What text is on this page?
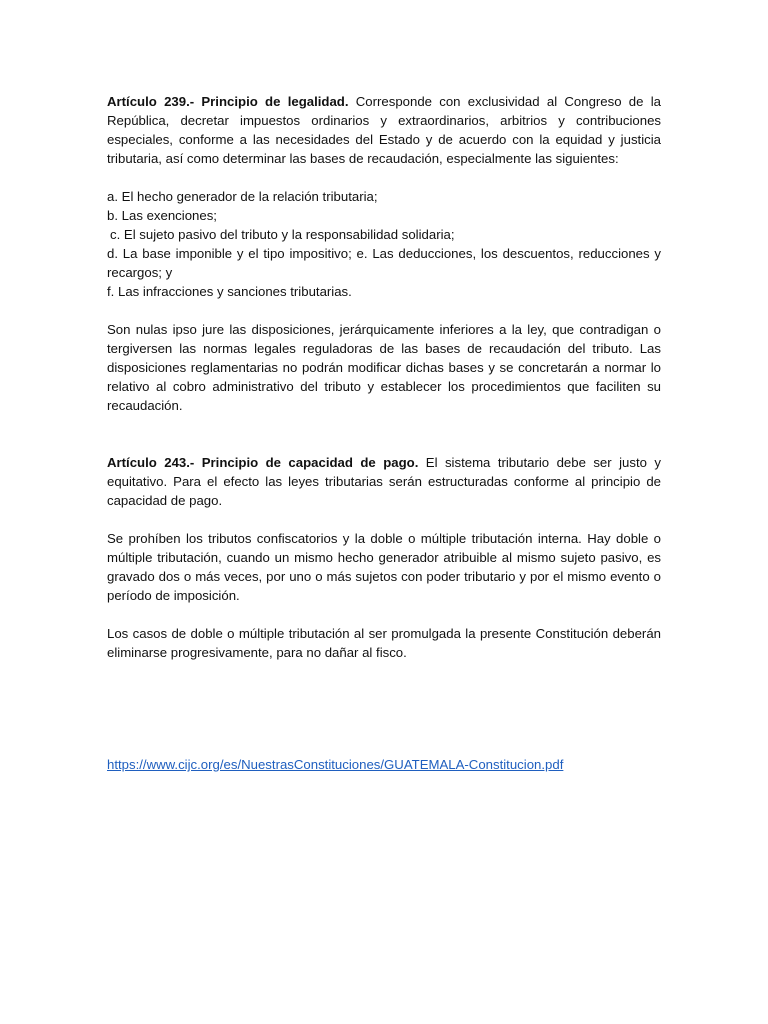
Artículo 239.- Principio de legalidad. Corresponde con exclusividad al Congreso de la República, decretar impuestos ordinarios y extraordinarios, arbitrios y contribuciones especiales, conforme a las necesidades del Estado y de acuerdo con la equidad y justicia tributaria, así como determinar las bases de recaudación, especialmente las siguientes:

a. El hecho generador de la relación tributaria;

b. Las exenciones;

c. El sujeto pasivo del tributo y la responsabilidad solidaria;

d. La base imponible y el tipo impositivo; e. Las deducciones, los descuentos, reducciones y recargos; y

f. Las infracciones y sanciones tributarias.

Son nulas ipso jure las disposiciones, jerárquicamente inferiores a la ley, que contradigan o tergiversen las normas legales reguladoras de las bases de recaudación del tributo. Las disposiciones reglamentarias no podrán modificar dichas bases y se concretarán a normar lo relativo al cobro administrativo del tributo y establecer los procedimientos que faciliten su recaudación.

Artículo 243.- Principio de capacidad de pago. El sistema tributario debe ser justo y equitativo. Para el efecto las leyes tributarias serán estructuradas conforme al principio de capacidad de pago.

Se prohíben los tributos confiscatorios y la doble o múltiple tributación interna. Hay doble o múltiple tributación, cuando un mismo hecho generador atribuible al mismo sujeto pasivo, es gravado dos o más veces, por uno o más sujetos con poder tributario y por el mismo evento o período de imposición.

Los casos de doble o múltiple tributación al ser promulgada la presente Constitución deberán eliminarse progresivamente, para no dañar al fisco.

https://www.cijc.org/es/NuestrasConstituciones/GUATEMALA-Constitucion.pdf
